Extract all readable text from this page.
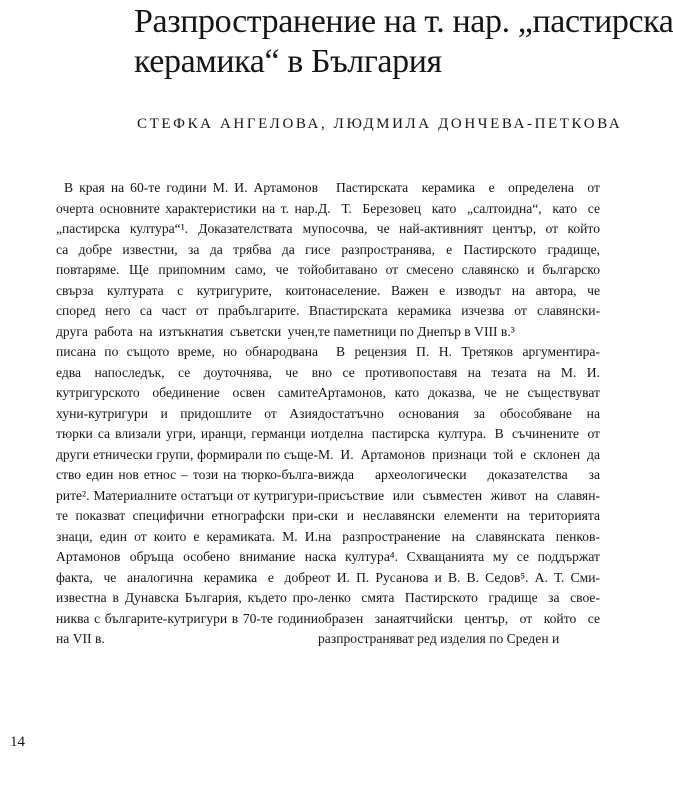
Разпространение на т. нар. „пастирска
керамика“ в България
СТЕФКА АНГЕЛОВА, ЛЮДМИЛА ДОНЧЕВА-ПЕТКОВА
В края на 60-те години М. И. Артамонов
очерта основните характеристики на т. нар.
„пастирска култура“¹. Доказателствата му
са добре известни, за да трябва да ги
повтаряме. Ще припомним само, че той
свърза културата с кутригурите, които
според него са част от прабългарите. В
друга работа на изтъкнатия съветски учен,
писана по същото време, но обнародвана
едва напоследък, се доуточнява, че в
кутригурското обединение освен самите
хуни-кутригури и придошлите от Азия
тюрки са влизали угри, иранци, германци и
други етнически групи, формирали по съще-
ство един нов етнос – този на тюрко-бълга-
рите². Материалните остатъци от кутригури-
те показват специфични етнографски при-
знаци, един от които е керамиката. М. И.
Артамонов обръща особено внимание на
факта, че аналогична керамика е добре
известна в Дунавска България, където про-
никва с българите-кутригури в 70-те години
на VII в.
Пастирската керамика е определена от
Д. Т. Березовец като „салтоидна“, като се
посочва, че най-активният център, от който
се разпространява, е Пастирското градище,
обитавано от смесено славянско и българско
население. Важен е изводът на автора, че
пастирската керамика изчезва от славянски-
те паметници по Днепър в VIII в.³
В рецензия П. Н. Третяков аргументира-
но се противопоставя на тезата на М. И.
Артамонов, като доказва, че не съществуват
достатъчно основания за обособяване на
отделна пастирска култура. В съчинените от
М. И. Артамонов признаци той е склонен да
вижда археологически доказателства за
присъствие или съвместен живот на славян-
ски и неславянски елементи на територията
на разпространение на славянската пенков-
ска култура⁴. Схващанията му се поддържат
от И. П. Русанова и В. В. Седов⁵. А. Т. Сми-
ленко смята Пастирското градище за свое-
образен занаятчийски център, от който се
разпространяват ред изделия по Среден и
14
